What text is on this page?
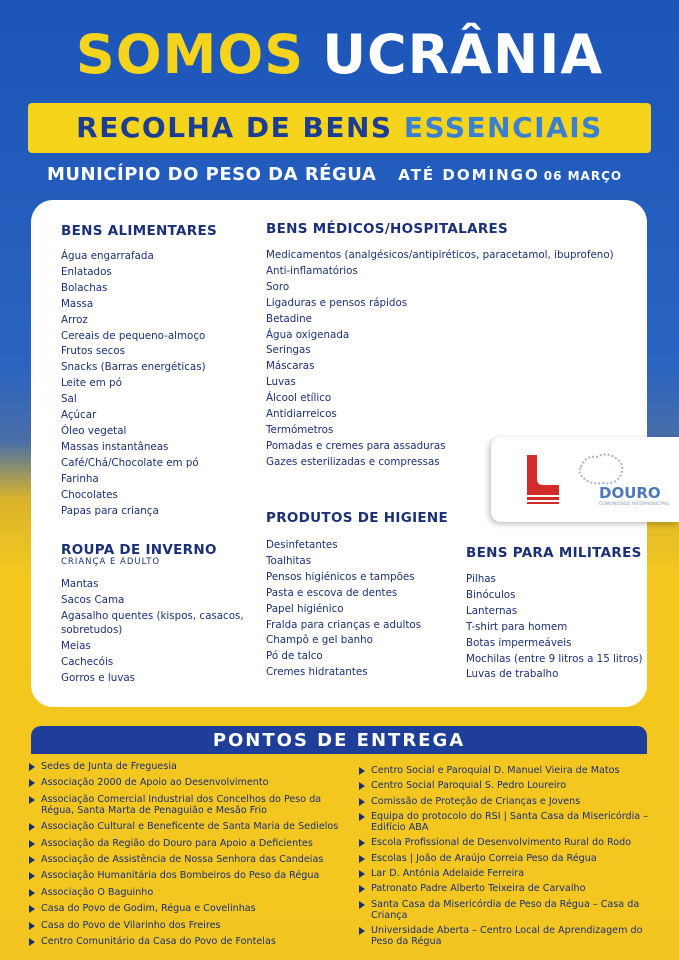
SOMOS UCRÂNIA
RECOLHA DE BENS ESSENCIAIS
MUNICÍPIO DO PESO DA RÉGUA ATÉ DOMINGO 06 MARÇO
BENS ALIMENTARES
Água engarrafada
Enlatados
Bolachas
Massa
Arroz
Cereais de pequeno-almoço
Frutos secos
Snacks (Barras energéticas)
Leite em pó
Sal
Açúcar
Óleo vegetal
Massas instantâneas
Café/Chá/Chocolate em pó
Farinha
Chocolates
Papas para criança
BENS MÉDICOS/HOSPITALARES
Medicamentos (analgésicos/antipiréticos, paracetamol, ibuprofeno)
Anti-inflamatórios
Soro
Ligaduras e pensos rápidos
Betadine
Água oxigenada
Seringas
Máscaras
Luvas
Álcool etílico
Antidiarreicos
Termómetros
Pomadas e cremes para assaduras
Gazes esterilizadas e compressas
ROUPA DE INVERNO
CRIANÇA E ADULTO
Mantas
Sacos Cama
Agasalho quentes (kispos, casacos, sobretudos)
Meias
Cachecóis
Gorros e luvas
PRODUTOS DE HIGIENE
Desinfetantes
Toalhitas
Pensos higiénicos e tampões
Pasta e escova de dentes
Papel higiénico
Fralda para crianças e adultos
Champô e gel banho
Pó de talco
Cremes hidratantes
BENS PARA MILITARES
Pilhas
Binóculos
Lanternas
T-shirt para homem
Botas impermeáveis
Mochilas (entre 9 litros a 15 litros)
Luvas de trabalho
DOURO
COMUNIDADE INTERMUNICIPAL
PONTOS DE ENTREGA
Sedes de Junta de Freguesia
Associação 2000 de Apoio ao Desenvolvimento
Associação Comercial Industrial dos Concelhos do Peso da Régua, Santa Marta de Penaguião e Mesão Frio
Associação Cultural e Beneficente de Santa Maria de Sedielos
Associação da Região do Douro para Apoio a Deficientes
Associação de Assistência de Nossa Senhora das Candeias
Associação Humanitária dos Bombeiros do Peso da Régua
Associação O Baguinho
Casa do Povo de Godim, Régua e Covelinhas
Casa do Povo de Vilarinho dos Freires
Centro Comunitário da Casa do Povo de Fontelas
Centro Social e Paroquial D. Manuel Vieira de Matos
Centro Social Paroquial S. Pedro Loureiro
Comissão de Proteção de Crianças e Jovens
Equipa do protocolo do RSI | Santa Casa da Misericórdia – Edifício ABA
Escola Profissional de Desenvolvimento Rural do Rodo
Escolas | João de Araújo Correia Peso da Régua
Lar D. Antónia Adelaide Ferreira
Patronato Padre Alberto Teixeira de Carvalho
Santa Casa da Misericórdia de Peso da Régua – Casa da Criança
Universidade Aberta – Centro Local de Aprendizagem do Peso da Régua
